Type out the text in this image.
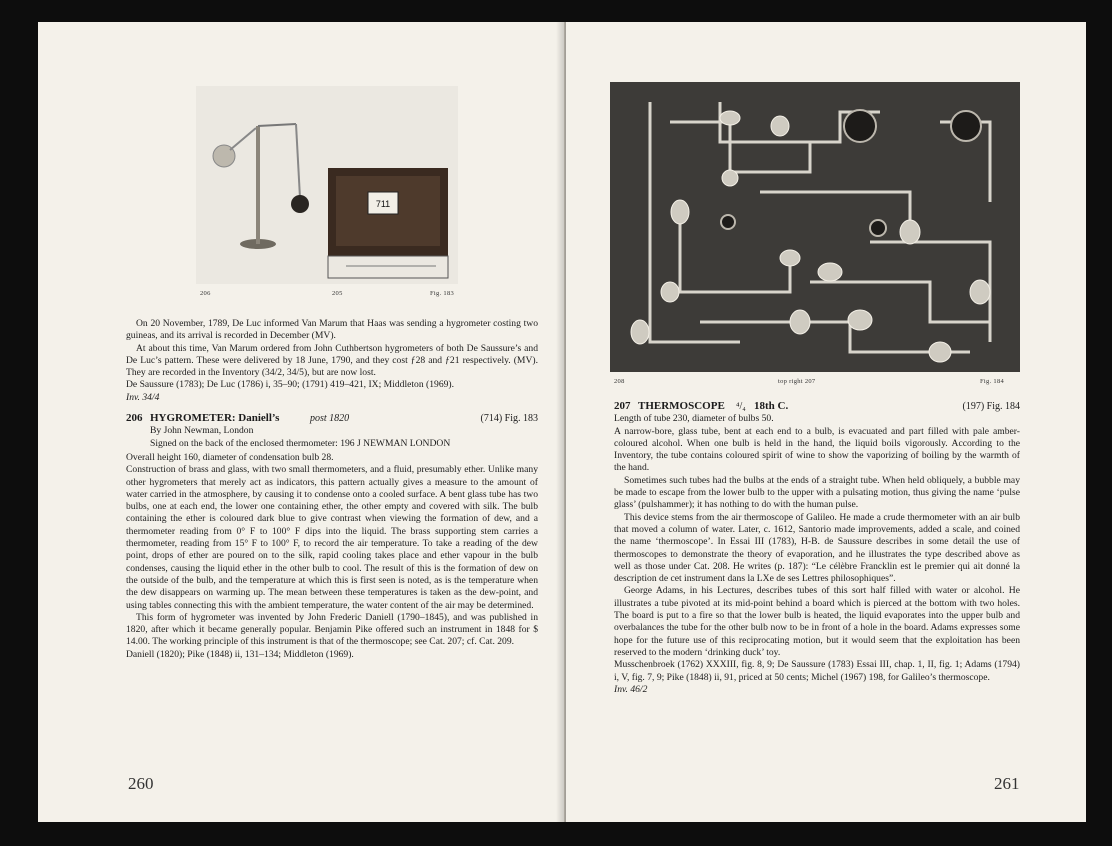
711
206	205	Fig. 183

On 20 November, 1789, De Luc informed Van Marum that Haas was sending a hygrometer costing two guineas, and its arrival is recorded in December (MV).

At about this time, Van Marum ordered from John Cuthbertson hygrometers of both De Saussure’s and De Luc’s pattern. These were delivered by 18 June, 1790, and they cost ƒ28 and ƒ21 respectively. (MV). They are recorded in the Inventory (34/2, 34/5), but are now lost.

De Saussure (1783); De Luc (1786) i, 35–90; (1791) 419–421, IX; Middleton (1969).

Inv. 34/4

206 HYGROMETER: Daniell’s	post 1820	(714) Fig. 183

By John Newman, London

Signed on the back of the enclosed thermometer: 196 J NEWMAN LONDON

Overall height 160, diameter of condensation bulb 28.

Construction of brass and glass, with two small thermometers, and a fluid, presumably ether. Unlike many other hygrometers that merely act as indicators, this pattern actually gives a measure to the amount of water carried in the atmosphere, by causing it to condense onto a cooled surface. A bent glass tube has two bulbs, one at each end, the lower one containing ether, the other empty and covered with silk. The bulb containing the ether is coloured dark blue to give contrast when viewing the formation of dew, and a thermometer reading from 0° F to 100° F dips into the liquid. The brass supporting stem carries a thermometer, reading from 15° F to 100° F, to record the air temperature. To take a reading of the dew point, drops of ether are poured on to the silk, rapid cooling takes place and ether vapour in the bulb condenses, causing the liquid ether in the other bulb to cool. The result of this is the formation of dew on the outside of the bulb, and the temperature at which this is first seen is noted, as is the temperature when the dew disappears on warming up. The mean between these temperatures is taken as the dew-point, and using tables connecting this with the ambient temperature, the water content of the air may be determined.

This form of hygrometer was invented by John Frederic Daniell (1790–1845), and was published in 1820, after which it became generally popular. Benjamin Pike offered such an instrument in 1848 for $ 14.00. The working principle of this instrument is that of the thermoscope; see Cat. 207; cf. Cat. 209.

Daniell (1820); Pike (1848) ii, 131–134; Middleton (1969).

260
208	top right 207	Fig. 184
207 THERMOSCOPE	⁴/₄ 18th C.	(197) Fig. 184

Length of tube 230, diameter of bulbs 50.

A narrow-bore, glass tube, bent at each end to a bulb, is evacuated and part filled with pale amber-coloured alcohol. When one bulb is held in the hand, the liquid boils vigorously. According to the Inventory, the tube contains coloured spirit of wine to show the vaporizing of boiling by the warmth of the hand.

Sometimes such tubes had the bulbs at the ends of a straight tube. When held obliquely, a bubble may be made to escape from the lower bulb to the upper with a pulsating motion, thus giving the name ‘pulse glass’ (pulshammer); it has nothing to do with the human pulse.

This device stems from the air thermoscope of Galileo. He made a crude thermometer with an air bulb that moved a column of water. Later, c. 1612, Santorio made improvements, added a scale, and coined the name ‘thermoscope’. In Essai III (1783), H-B. de Saussure describes in some detail the use of thermoscopes to demonstrate the theory of evaporation, and he illustrates the type described above as well as those under Cat. 208. He writes (p. 187): “Le célèbre Francklin est le premier qui ait donné la description de cet instrument dans la LXe de ses Lettres philosophiques”.

George Adams, in his Lectures, describes tubes of this sort half filled with water or alcohol. He illustrates a tube pivoted at its mid-point behind a board which is pierced at the bottom with two holes. The board is put to a fire so that the lower bulb is heated, the liquid evaporates into the upper bulb and overbalances the tube for the other bulb now to be in front of a hole in the board. Adams expresses some hope for the future use of this reciprocating motion, but it would seem that the exploitation has been reserved to the modern ‘drinking duck’ toy.

Musschenbroek (1762) XXXIII, fig. 8, 9; De Saussure (1783) Essai III, chap. 1, II, fig. 1; Adams (1794) i, V, fig. 7, 9; Pike (1848) ii, 91, priced at 50 cents; Michel (1967) 198, for Galileo’s thermoscope.

Inv. 46/2

261
